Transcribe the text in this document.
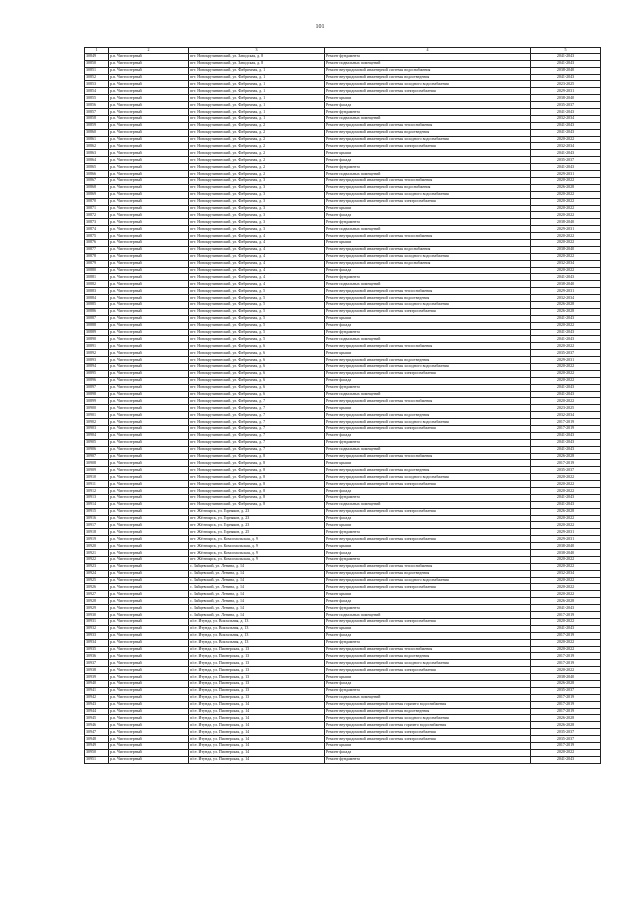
101
1	2	3	4	5
30849	р.п. Чистоозерный	пгт. Новокручининский, ул. Заводская, д. 8	Ремонт фундамента	2041-2043
30850	р.п. Чистоозерный	пгт. Новокручининский, ул. Заводская, д. 8	Ремонт подвальных помещений	2041-2043
30851	р.п. Чистоозерный	пгт. Новокручининский, ул. Фабричная, д. 1	Ремонт внутридомовой инженерной системы водоснабжения	2038-2040
30852	р.п. Чистоозерный	пгт. Новокручининский, ул. Фабричная, д. 1	Ремонт внутридомовой инженерной системы водоотведения	2041-2043
30853	р.п. Чистоозерный	пгт. Новокручининский, ул. Фабричная, д. 1	Ремонт внутридомовой инженерной системы холодного водоснабжения	2023-2025
30854	р.п. Чистоозерный	пгт. Новокручининский, ул. Фабричная, д. 1	Ремонт внутридомовой инженерной системы электроснабжения	2029-2031
30855	р.п. Чистоозерный	пгт. Новокручининский, ул. Фабричная, д. 1	Ремонт крыши	2038-2040
30856	р.п. Чистоозерный	пгт. Новокручининский, ул. Фабричная, д. 1	Ремонт фасада	2035-2037
30857	р.п. Чистоозерный	пгт. Новокручининский, ул. Фабричная, д. 1	Ремонт фундамента	2041-2043
30858	р.п. Чистоозерный	пгт. Новокручининский, ул. Фабричная, д. 1	Ремонт подвальных помещений	2032-2034
30859	р.п. Чистоозерный	пгт. Новокручининский, ул. Фабричная, д. 2	Ремонт внутридомовой инженерной системы теплоснабжения	2041-2043
30860	р.п. Чистоозерный	пгт. Новокручининский, ул. Фабричная, д. 2	Ремонт внутридомовой инженерной системы водоотведения	2041-2043
30861	р.п. Чистоозерный	пгт. Новокручининский, ул. Фабричная, д. 2	Ремонт внутридомовой инженерной системы холодного водоснабжения	2020-2022
30862	р.п. Чистоозерный	пгт. Новокручининский, ул. Фабричная, д. 2	Ремонт внутридомовой инженерной системы электроснабжения	2032-2034
30863	р.п. Чистоозерный	пгт. Новокручининский, ул. Фабричная, д. 2	Ремонт крыши	2041-2043
30864	р.п. Чистоозерный	пгт. Новокручининский, ул. Фабричная, д. 2	Ремонт фасада	2035-2037
30865	р.п. Чистоозерный	пгт. Новокручининский, ул. Фабричная, д. 2	Ремонт фундамента	2041-2043
30866	р.п. Чистоозерный	пгт. Новокручининский, ул. Фабричная, д. 2	Ремонт подвальных помещений	2029-2031
30867	р.п. Чистоозерный	пгт. Новокручининский, ул. Фабричная, д. 3	Ремонт внутридомовой инженерной системы теплоснабжения	2020-2022
30868	р.п. Чистоозерный	пгт. Новокручининский, ул. Фабричная, д. 3	Ремонт внутридомовой инженерной системы водоснабжения	2026-2028
30869	р.п. Чистоозерный	пгт. Новокручининский, ул. Фабричная, д. 3	Ремонт внутридомовой инженерной системы холодного водоснабжения	2020-2022
30870	р.п. Чистоозерный	пгт. Новокручининский, ул. Фабричная, д. 3	Ремонт внутридомовой инженерной системы электроснабжения	2020-2022
30871	р.п. Чистоозерный	пгт. Новокручининский, ул. Фабричная, д. 3	Ремонт крыши	2020-2022
30872	р.п. Чистоозерный	пгт. Новокручининский, ул. Фабричная, д. 3	Ремонт фасада	2020-2022
30873	р.п. Чистоозерный	пгт. Новокручининский, ул. Фабричная, д. 3	Ремонт фундамента	2038-2040
30874	р.п. Чистоозерный	пгт. Новокручининский, ул. Фабричная, д. 3	Ремонт подвальных помещений	2029-2031
30875	р.п. Чистоозерный	пгт. Новокручининский, ул. Фабричная, д. 4	Ремонт внутридомовой инженерной системы теплоснабжения	2020-2022
30876	р.п. Чистоозерный	пгт. Новокручининский, ул. Фабричная, д. 4	Ремонт крыши	2020-2022
30877	р.п. Чистоозерный	пгт. Новокручининский, ул. Фабричная, д. 4	Ремонт внутридомовой инженерной системы водоснабжения	2038-2040
30878	р.п. Чистоозерный	пгт. Новокручининский, ул. Фабричная, д. 4	Ремонт внутридомовой инженерной системы холодного водоснабжения	2020-2022
30879	р.п. Чистоозерный	пгт. Новокручининский, ул. Фабричная, д. 4	Ремонт внутридомовой инженерной системы водоснабжения	2032-2034
30880	р.п. Чистоозерный	пгт. Новокручининский, ул. Фабричная, д. 4	Ремонт фасада	2020-2022
30881	р.п. Чистоозерный	пгт. Новокручининский, ул. Фабричная, д. 4	Ремонт фундамента	2041-2043
30882	р.п. Чистоозерный	пгт. Новокручининский, ул. Фабричная, д. 4	Ремонт подвальных помещений	2038-2040
30883	р.п. Чистоозерный	пгт. Новокручининский, ул. Фабричная, д. 5	Ремонт внутридомовой инженерной системы теплоснабжения	2029-2031
30884	р.п. Чистоозерный	пгт. Новокручининский, ул. Фабричная, д. 5	Ремонт внутридомовой инженерной системы водоотведения	2032-2034
30885	р.п. Чистоозерный	пгт. Новокручининский, ул. Фабричная, д. 5	Ремонт внутридомовой инженерной системы холодного водоснабжения	2026-2028
30886	р.п. Чистоозерный	пгт. Новокручининский, ул. Фабричная, д. 5	Ремонт внутридомовой инженерной системы электроснабжения	2026-2028
30887	р.п. Чистоозерный	пгт. Новокручининский, ул. Фабричная, д. 5	Ремонт крыши	2041-2043
30888	р.п. Чистоозерный	пгт. Новокручининский, ул. Фабричная, д. 5	Ремонт фасада	2020-2022
30889	р.п. Чистоозерный	пгт. Новокручининский, ул. Фабричная, д. 5	Ремонт фундамента	2041-2043
30890	р.п. Чистоозерный	пгт. Новокручининский, ул. Фабричная, д. 5	Ремонт подвальных помещений	2041-2043
30891	р.п. Чистоозерный	пгт. Новокручининский, ул. Фабричная, д. 6	Ремонт внутридомовой инженерной системы теплоснабжения	2020-2022
30892	р.п. Чистоозерный	пгт. Новокручининский, ул. Фабричная, д. 6	Ремонт крыши	2035-2037
30893	р.п. Чистоозерный	пгт. Новокручининский, ул. Фабричная, д. 6	Ремонт внутридомовой инженерной системы водоотведения	2029-2031
30894	р.п. Чистоозерный	пгт. Новокручининский, ул. Фабричная, д. 6	Ремонт внутридомовой инженерной системы холодного водоснабжения	2020-2022
30895	р.п. Чистоозерный	пгт. Новокручининский, ул. Фабричная, д. 6	Ремонт внутридомовой инженерной системы электроснабжения	2020-2022
30896	р.п. Чистоозерный	пгт. Новокручининский, ул. Фабричная, д. 6	Ремонт фасада	2020-2022
30897	р.п. Чистоозерный	пгт. Новокручининский, ул. Фабричная, д. 6	Ремонт фундамента	2041-2043
30898	р.п. Чистоозерный	пгт. Новокручининский, ул. Фабричная, д. 6	Ремонт подвальных помещений	2041-2043
30899	р.п. Чистоозерный	пгт. Новокручининский, ул. Фабричная, д. 7	Ремонт внутридомовой инженерной системы теплоснабжения	2020-2022
30900	р.п. Чистоозерный	пгт. Новокручининский, ул. Фабричная, д. 7	Ремонт крыши	2023-2025
30901	р.п. Чистоозерный	пгт. Новокручининский, ул. Фабричная, д. 7	Ремонт внутридомовой инженерной системы водоотведения	2032-2034
30902	р.п. Чистоозерный	пгт. Новокручининский, ул. Фабричная, д. 7	Ремонт внутридомовой инженерной системы холодного водоснабжения	2017-2019
30903	р.п. Чистоозерный	пгт. Новокручининский, ул. Фабричная, д. 7	Ремонт внутридомовой инженерной системы электроснабжения	2017-2019
30904	р.п. Чистоозерный	пгт. Новокручининский, ул. Фабричная, д. 7	Ремонт фасада	2041-2043
30905	р.п. Чистоозерный	пгт. Новокручининский, ул. Фабричная, д. 7	Ремонт фундамента	2041-2043
30906	р.п. Чистоозерный	пгт. Новокручининский, ул. Фабричная, д. 7	Ремонт подвальных помещений	2041-2043
30907	р.п. Чистоозерный	пгт. Новокручининский, ул. Фабричная, д. 8	Ремонт внутридомовой инженерной системы теплоснабжения	2026-2028
30908	р.п. Чистоозерный	пгт. Новокручининский, ул. Фабричная, д. 8	Ремонт крыши	2017-2019
30909	р.п. Чистоозерный	пгт. Новокручининский, ул. Фабричная, д. 8	Ремонт внутридомовой инженерной системы водоотведения	2035-2037
30910	р.п. Чистоозерный	пгт. Новокручининский, ул. Фабричная, д. 8	Ремонт внутридомовой инженерной системы холодного водоснабжения	2020-2022
30911	р.п. Чистоозерный	пгт. Новокручининский, ул. Фабричная, д. 8	Ремонт внутридомовой инженерной системы электроснабжения	2020-2022
30912	р.п. Чистоозерный	пгт. Новокручининский, ул. Фабричная, д. 8	Ремонт фасада	2020-2022
30913	р.п. Чистоозерный	пгт. Новокручининский, ул. Фабричная, д. 8	Ремонт фундамента	2041-2043
30914	р.п. Чистоозерный	пгт. Новокручининский, ул. Фабричная, д. 8	Ремонт подвальных помещений	2041-2043
30915	р.п. Чистоозерный	пгт. Жёлтоярск, ул. Горняков, д. 23	Ремонт внутридомовой инженерной системы электроснабжения	2026-2028
30916	р.п. Чистоозерный	пгт. Жёлтоярск, ул. Горняков, д. 23	Ремонт фасада	2020-2022
30917	р.п. Чистоозерный	пгт. Жёлтоярск, ул. Горняков, д. 23	Ремонт крыши	2020-2022
30918	р.п. Чистоозерный	пгт. Жёлтоярск, ул. Горняков, д. 25	Ремонт фундамента	2029-2031
30919	р.п. Чистоозерный	пгт. Жёлтоярск, ул. Комсомольская, д. 9	Ремонт внутридомовой инженерной системы электроснабжения	2029-2031
30920	р.п. Чистоозерный	пгт. Жёлтоярск, ул. Комсомольская, д. 9	Ремонт крыши	2038-2040
30921	р.п. Чистоозерный	пгт. Жёлтоярск, ул. Комсомольская, д. 9	Ремонт фасада	2038-2040
30922	р.п. Чистоозерный	пгт. Жёлтоярск, ул. Комсомольская, д. 9	Ремонт фундамента	2020-2022
30923	р.п. Чистоозерный	с. Зайцевский, ул. Ленина, д. 14	Ремонт внутридомовой инженерной системы теплоснабжения	2020-2022
30924	р.п. Чистоозерный	с. Зайцевский, ул. Ленина, д. 14	Ремонт внутридомовой инженерной системы водоотведения	2032-2034
30925	р.п. Чистоозерный	с. Зайцевский, ул. Ленина, д. 14	Ремонт внутридомовой инженерной системы холодного водоснабжения	2020-2022
30926	р.п. Чистоозерный	с. Зайцевский, ул. Ленина, д. 14	Ремонт внутридомовой инженерной системы электроснабжения	2020-2022
30927	р.п. Чистоозерный	с. Зайцевский, ул. Ленина, д. 14	Ремонт крыши	2020-2022
30928	р.п. Чистоозерный	с. Зайцевский, ул. Ленина, д. 14	Ремонт фасада	2026-2028
30929	р.п. Чистоозерный	с. Зайцевский, ул. Ленина, д. 14	Ремонт фундамента	2041-2043
30930	р.п. Чистоозерный	с. Зайцевский, ул. Ленина, д. 14	Ремонт подвальных помещений	2017-2019
30931	р.п. Чистоозерный	п/ст. Итунда, ул. Вокзальная, д. 13	Ремонт внутридомовой инженерной системы электроснабжения	2020-2022
30932	р.п. Чистоозерный	п/ст. Итунда, ул. Вокзальная, д. 13	Ремонт крыши	2041-2043
30933	р.п. Чистоозерный	п/ст. Итунда, ул. Вокзальная, д. 13	Ремонт фасада	2017-2019
30934	р.п. Чистоозерный	п/ст. Итунда, ул. Вокзальная, д. 13	Ремонт фундамента	2020-2022
30935	р.п. Чистоозерный	п/ст. Итунда, ул. Пионерская, д. 13	Ремонт внутридомовой инженерной системы теплоснабжения	2020-2022
30936	р.п. Чистоозерный	п/ст. Итунда, ул. Пионерская, д. 13	Ремонт внутридомовой инженерной системы водоотведения	2017-2019
30937	р.п. Чистоозерный	п/ст. Итунда, ул. Пионерская, д. 13	Ремонт внутридомовой инженерной системы холодного водоснабжения	2017-2019
30938	р.п. Чистоозерный	п/ст. Итунда, ул. Пионерская, д. 13	Ремонт внутридомовой инженерной системы электроснабжения	2020-2022
30939	р.п. Чистоозерный	п/ст. Итунда, ул. Пионерская, д. 13	Ремонт крыши	2038-2040
30940	р.п. Чистоозерный	п/ст. Итунда, ул. Пионерская, д. 13	Ремонт фасада	2026-2028
30941	р.п. Чистоозерный	п/ст. Итунда, ул. Пионерская, д. 13	Ремонт фундамента	2035-2037
30942	р.п. Чистоозерный	п/ст. Итунда, ул. Пионерская, д. 13	Ремонт подвальных помещений	2017-2019
30943	р.п. Чистоозерный	п/ст. Итунда, ул. Пионерская, д. 14	Ремонт внутридомовой инженерной системы горячего водоснабжения	2017-2019
30944	р.п. Чистоозерный	п/ст. Итунда, ул. Пионерская, д. 14	Ремонт внутридомовой инженерной системы водоотведения	2017-2019
30945	р.п. Чистоозерный	п/ст. Итунда, ул. Пионерская, д. 14	Ремонт внутридомовой инженерной системы холодного водоснабжения	2026-2028
30946	р.п. Чистоозерный	п/ст. Итунда, ул. Пионерская, д. 14	Ремонт внутридомовой инженерной системы горячего водоснабжения	2026-2028
30947	р.п. Чистоозерный	п/ст. Итунда, ул. Пионерская, д. 14	Ремонт внутридомовой инженерной системы электроснабжения	2035-2037
30948	р.п. Чистоозерный	п/ст. Итунда, ул. Пионерская, д. 14	Ремонт внутридомовой инженерной системы электроснабжения	2035-2037
30949	р.п. Чистоозерный	п/ст. Итунда, ул. Пионерская, д. 14	Ремонт крыши	2017-2019
30950	р.п. Чистоозерный	п/ст. Итунда, ул. Пионерская, д. 14	Ремонт фасада	2020-2022
30951	р.п. Чистоозерный	п/ст. Итунда, ул. Пионерская, д. 14	Ремонт фундамента	2041-2043
